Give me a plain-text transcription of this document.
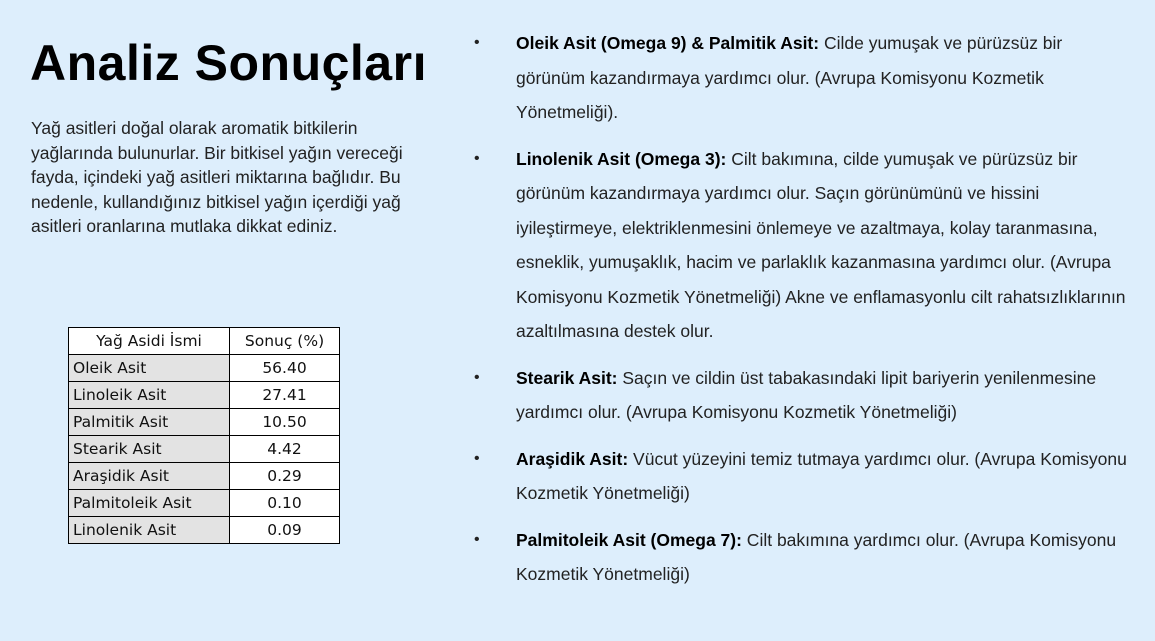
Analiz Sonuçları

Yağ asitleri doğal olarak aromatik bitkilerin yağlarında bulunurlar. Bir bitkisel yağın vereceği fayda, içindeki yağ asitleri miktarına bağlıdır. Bu nedenle, kullandığınız bitkisel yağın içerdiği yağ asitleri oranlarına mutlaka dikkat ediniz.

Yağ Asidi İsmi	Sonuç (%)
Oleik Asit	56.40
Linoleik Asit	27.41
Palmitik Asit	10.50
Stearik Asit	4.42
Araşidik Asit	0.29
Palmitoleik Asit	0.10
Linolenik Asit	0.09
• Oleik Asit (Omega 9) & Palmitik Asit: Cilde yumuşak ve pürüzsüz bir görünüm kazandırmaya yardımcı olur. (Avrupa Komisyonu Kozmetik Yönetmeliği).
• Linolenik Asit (Omega 3): Cilt bakımına, cilde yumuşak ve pürüzsüz bir görünüm kazandırmaya yardımcı olur. Saçın görünümünü ve hissini iyileştirmeye, elektriklenmesini önlemeye ve azaltmaya, kolay taranmasına, esneklik, yumuşaklık, hacim ve parlaklık kazanmasına yardımcı olur. (Avrupa Komisyonu Kozmetik Yönetmeliği) Akne ve enflamasyonlu cilt rahatsızlıklarının azaltılmasına destek olur.
• Stearik Asit: Saçın ve cildin üst tabakasındaki lipit bariyerin yenilenmesine yardımcı olur. (Avrupa Komisyonu Kozmetik Yönetmeliği)
• Araşidik Asit: Vücut yüzeyini temiz tutmaya yardımcı olur. (Avrupa Komisyonu Kozmetik Yönetmeliği)
• Palmitoleik Asit (Omega 7): Cilt bakımına yardımcı olur. (Avrupa Komisyonu Kozmetik Yönetmeliği)
